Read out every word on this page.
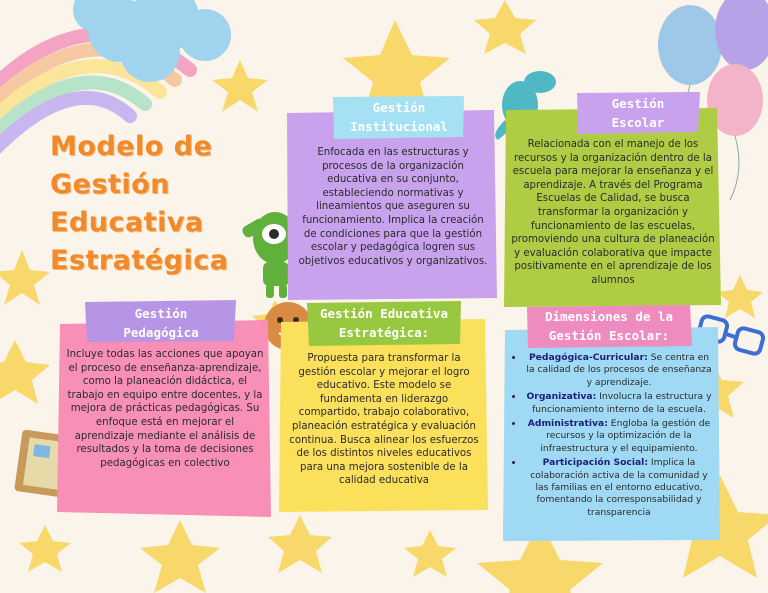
Modelo de
Gestión
Educativa
Estratégica
Gestión
Institucional

Enfocada en las estructuras y procesos de la organización educativa en su conjunto, estableciendo normativas y lineamientos que aseguren su funcionamiento. Implica la creación de condiciones para que la gestión escolar y pedagógica logren sus objetivos educativos y organizativos.

Gestión
Escolar

Relacionada con el manejo de los recursos y la organización dentro de la escuela para mejorar la enseñanza y el aprendizaje. A través del Programa Escuelas de Calidad, se busca transformar la organización y funcionamiento de las escuelas, promoviendo una cultura de planeación y evaluación colaborativa que impacte positivamente en el aprendizaje de los alumnos

Gestión
Pedagógica

Incluye todas las acciones que apoyan el proceso de enseñanza-aprendizaje, como la planeación didáctica, el trabajo en equipo entre docentes, y la mejora de prácticas pedagógicas. Su enfoque está en mejorar el aprendizaje mediante el análisis de resultados y la toma de decisiones pedagógicas en colectivo

Gestión Educativa
Estratégica:

Propuesta para transformar la gestión escolar y mejorar el logro educativo. Este modelo se fundamenta en liderazgo compartido, trabajo colaborativo, planeación estratégica y evaluación continua. Busca alinear los esfuerzos de los distintos niveles educativos para una mejora sostenible de la calidad educativa

Dimensiones de la
Gestión Escolar:
• Pedagógica-Curricular: Se centra en la calidad de los procesos de enseñanza y aprendizaje.
• Organizativa: Involucra la estructura y funcionamiento interno de la escuela.
• Administrativa: Engloba la gestión de recursos y la optimización de la infraestructura y el equipamiento.
• Participación Social: Implica la colaboración activa de la comunidad y las familias en el entorno educativo, fomentando la corresponsabilidad y transparencia
